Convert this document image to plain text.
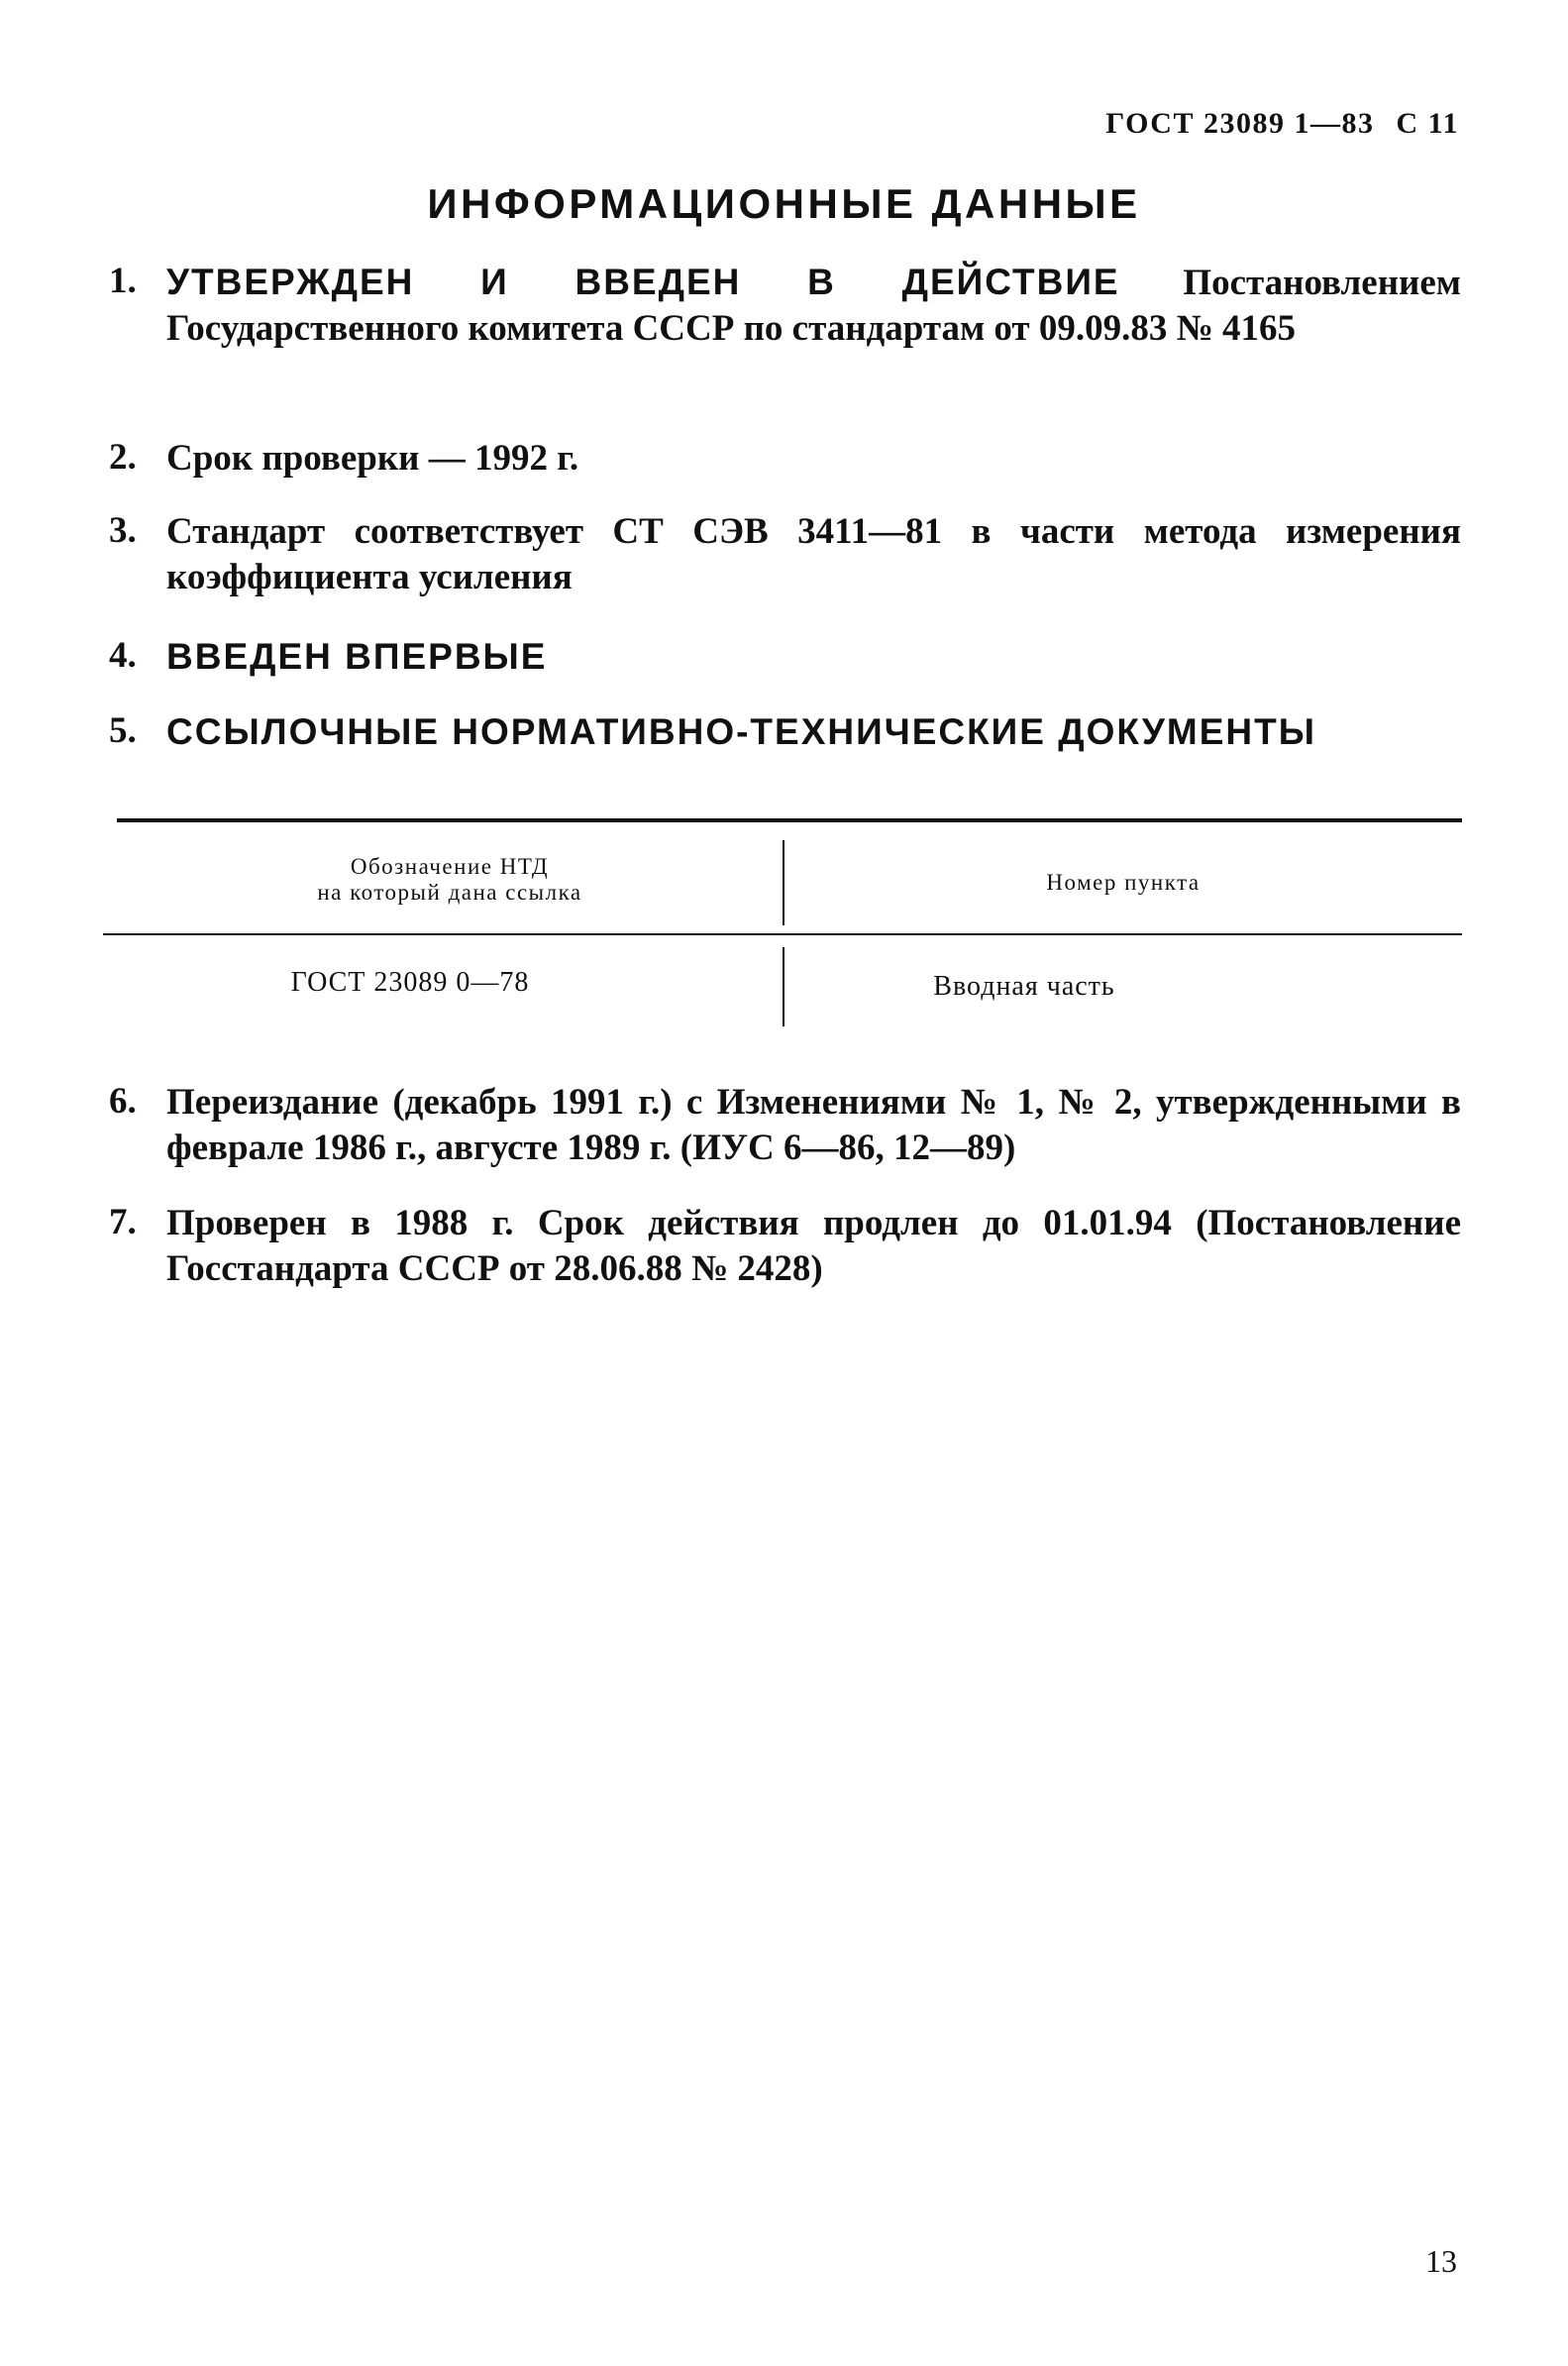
ГОСТ 23089 1—83 С 11
ИНФОРМАЦИОННЫЕ ДАННЫЕ
1. УТВЕРЖДЕН И ВВЕДЕН В ДЕЙСТВИЕ Постановлением Государственного комитета СССР по стандартам от 09.09.83 № 4165
2. Срок проверки — 1992 г.
3. Стандарт соответствует СТ СЭВ 3411—81 в части метода измерения коэффициента усиления
4. ВВЕДЕН ВПЕРВЫЕ
5. ССЫЛОЧНЫЕ НОРМАТИВНО-ТЕХНИЧЕСКИЕ ДОКУМЕНТЫ
6. Переиздание (декабрь 1991 г.) с Изменениями № 1, № 2, утвержденными в феврале 1986 г., августе 1989 г. (ИУС 6—86, 12—89)
7. Проверен в 1988 г. Срок действия продлен до 01.01.94 (Постановление Госстандарта СССР от 28.06.88 № 2428)
Обозначение НТД
на который дана ссылка	Номер пункта
ГОСТ 23089 0—78	Вводная часть
13
